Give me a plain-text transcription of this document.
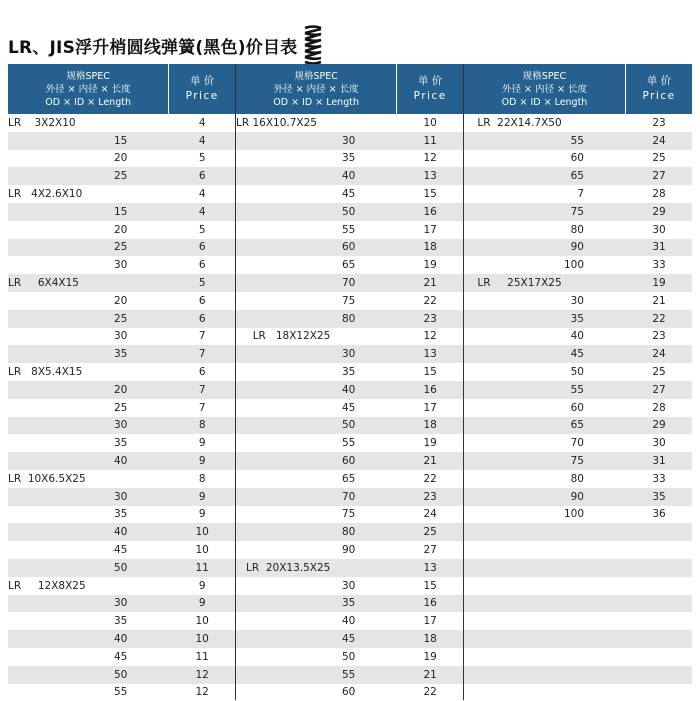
LR、JIS浮升梢圆线弹簧(黑色)价目表
规格SPEC
外径 × 内径 × 长度
OD × ID × Length
单 价
Price
LR    3X2X10	4
15	4
20	5
25	6
LR   4X2.6X10	4
15	4
20	5
25	6
30	6
LR     6X4X15	5
20	6
25	6
30	7
35	7
LR   8X5.4X15	6
20	7
25	7
30	8
35	9
40	9
LR  10X6.5X25	8
30	9
35	9
40	10
45	10
50	11
LR     12X8X25	9
30	9
35	10
40	10
45	11
50	12
55	12
规格SPEC
外径 × 内径 × 长度
OD × ID × Length
单 价
Price
LR 16X10.7X25	10
30	11
35	12
40	13
45	15
50	16
55	17
60	18
65	19
70	21
75	22
80	23
LR   18X12X25	12
30	13
35	15
40	16
45	17
50	18
55	19
60	21
65	22
70	23
75	24
80	25
90	27
LR  20X13.5X25	13
30	15
35	16
40	17
45	18
50	19
55	21
60	22
规格SPEC
外径 × 内径 × 长度
OD × ID × Length
单 价
Price
LR  22X14.7X50	23
55	24
60	25
65	27
7	28
75	29
80	30
90	31
100	33
LR     25X17X25	19
30	21
35	22
40	23
45	24
50	25
55	27
60	28
65	29
70	30
75	31
80	33
90	35
100	36
